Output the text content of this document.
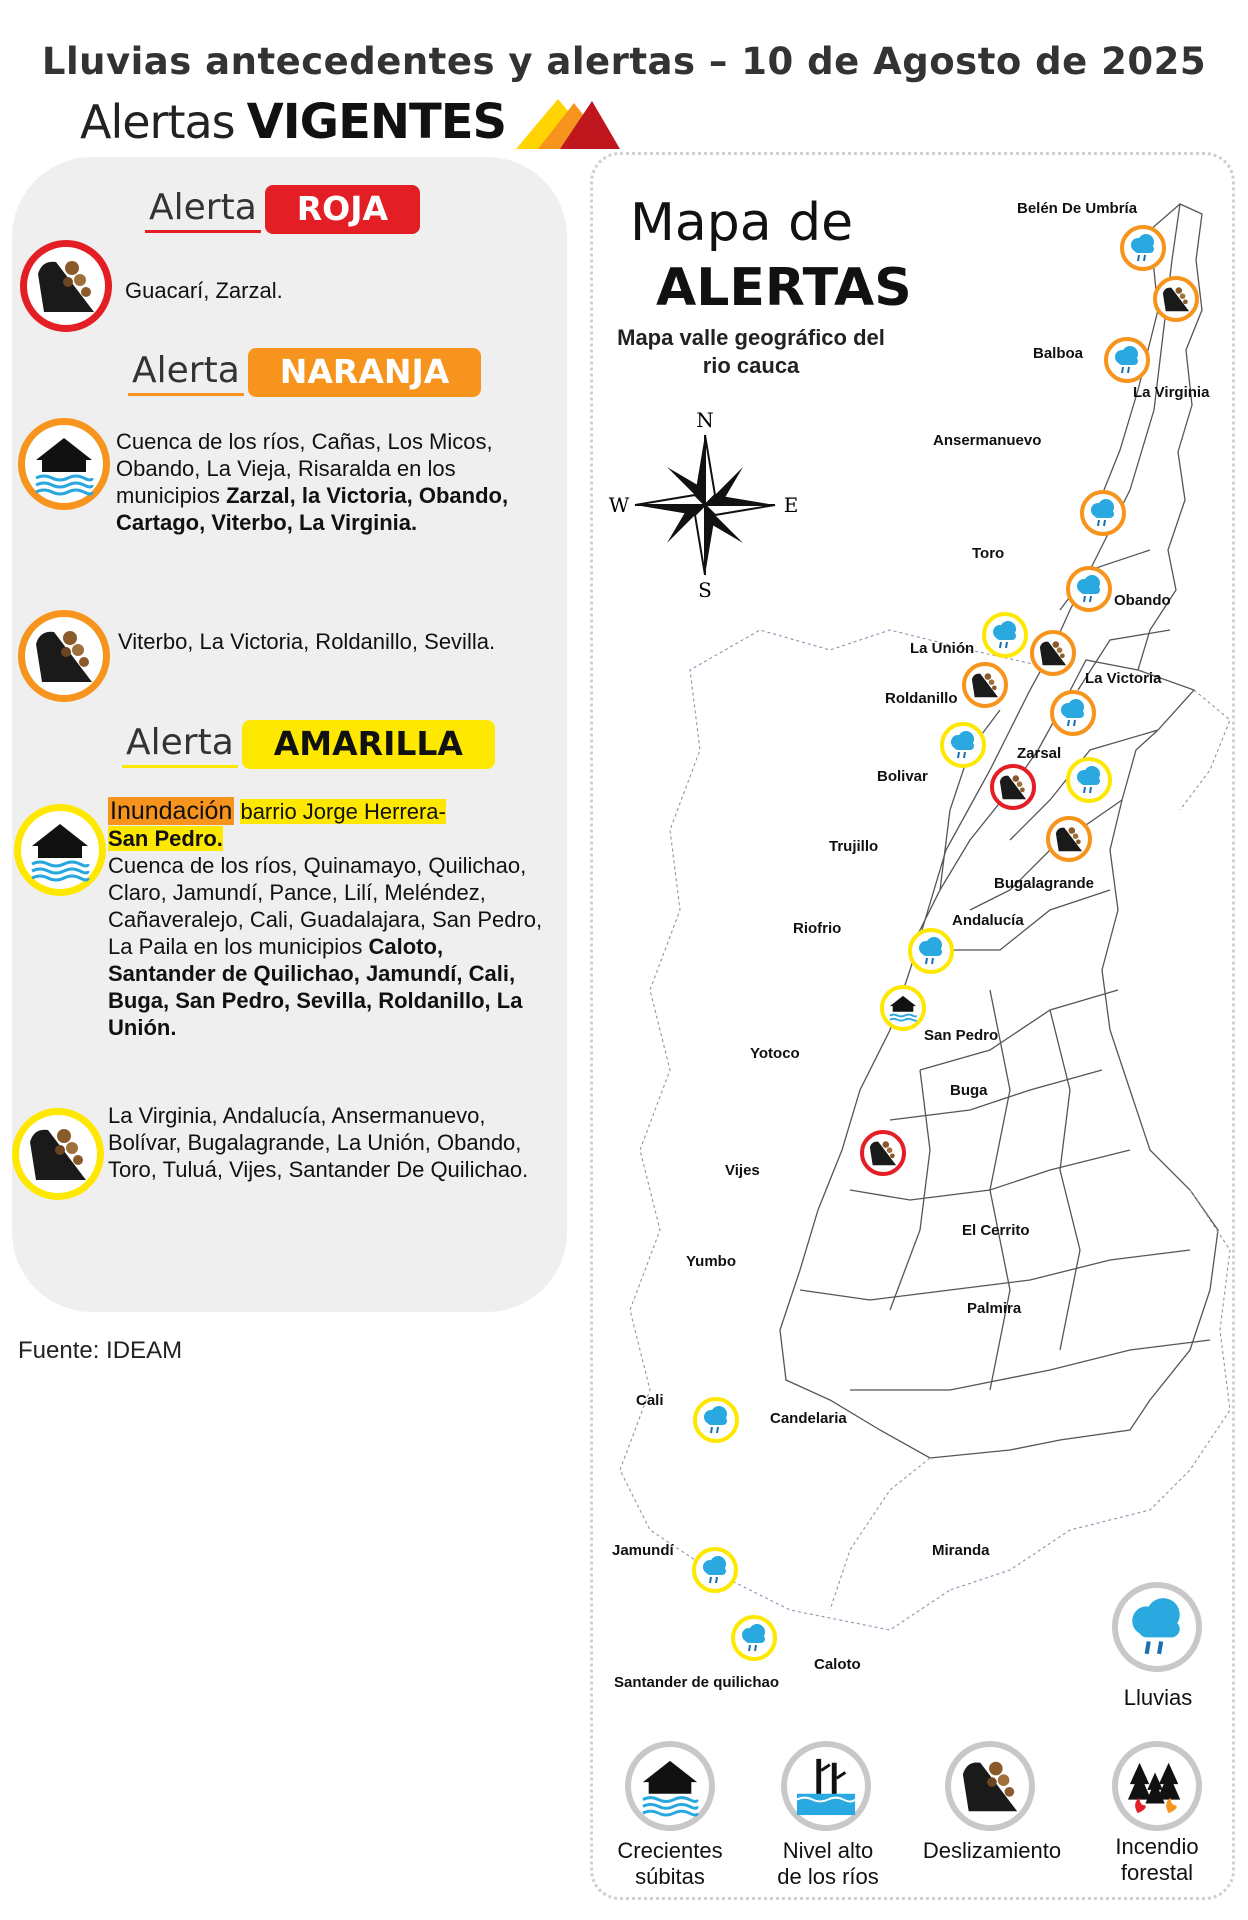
Lluvias antecedentes y alertas – 10 de Agosto de 2025
Alertas VIGENTES
Alerta	ROJA
Guacarí, Zarzal.
Alerta	NARANJA
Cuenca de los ríos, Cañas, Los Micos, Obando, La Vieja, Risaralda en los municipios Zarzal, la Victoria, Obando, Cartago, Viterbo, La Virginia.
Viterbo, La Victoria, Roldanillo, Sevilla.
Alerta	AMARILLA
Inundación barrio Jorge Herrera-
San Pedro.
Cuenca de los ríos, Quinamayo, Quilichao, Claro, Jamundí, Pance, Lilí, Meléndez, Cañaveralejo, Cali, Guadalajara, San Pedro, La Paila en los municipios Caloto, Santander de Quilichao, Jamundí, Cali, Buga, San Pedro, Sevilla, Roldanillo, La Unión.
La Virginia, Andalucía, Ansermanuevo, Bolívar, Bugalagrande, La Unión, Obando, Toro, Tuluá, Vijes, Santander De Quilichao.
Fuente: IDEAM
Mapa de
ALERTAS
Mapa valle geográfico del rio cauca
N
S
E
W
Belén De Umbría
Balboa
La Virginia
Ansermanuevo
Toro
Obando
La Unión
La Victoria
Roldanillo
Zarsal
Bolivar
Trujillo
Bugalagrande
Andalucía
Riofrio
San Pedro
Yotoco
Buga
Vijes
El Cerrito
Yumbo
Palmira
Cali
Candelaria
Jamundí	Miranda
Santander de quilichao
Caloto
Lluvias
Crecientes
súbitas
Nivel alto
de los ríos
Deslizamiento	Incendio
forestal
